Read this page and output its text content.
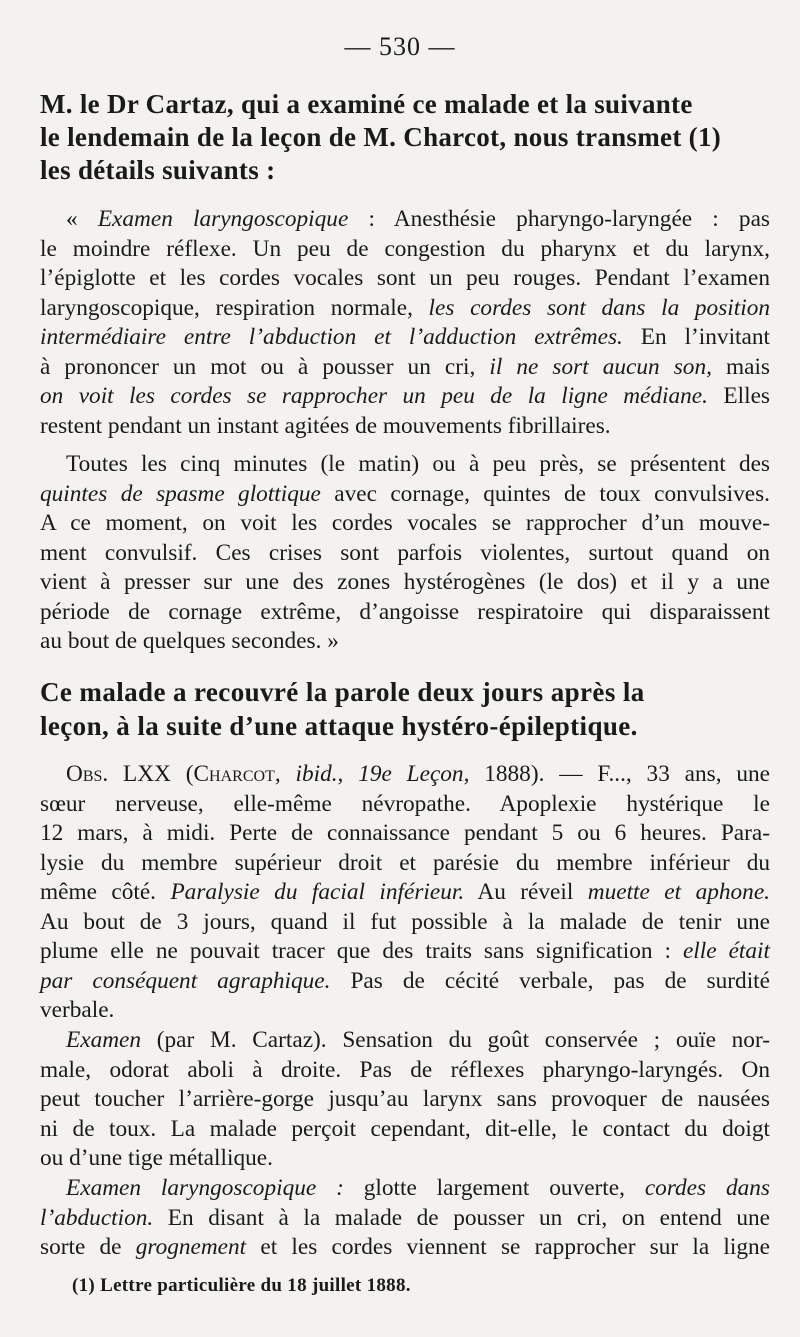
— 530 —
M. le Dr Cartaz, qui a examiné ce malade et la suivante
le lendemain de la leçon de M. Charcot, nous transmet (1)
les détails suivants :
« Examen laryngoscopique : Anesthésie pharyngo-laryngée : pas
le moindre réflexe. Un peu de congestion du pharynx et du larynx,
l’épiglotte et les cordes vocales sont un peu rouges. Pendant l’examen
laryngoscopique, respiration normale, les cordes sont dans la position
intermédiaire entre l’abduction et l’adduction extrêmes. En l’invitant
à prononcer un mot ou à pousser un cri, il ne sort aucun son, mais
on voit les cordes se rapprocher un peu de la ligne médiane. Elles
restent pendant un instant agitées de mouvements fibrillaires.
Toutes les cinq minutes (le matin) ou à peu près, se présentent des
quintes de spasme glottique avec cornage, quintes de toux convulsives.
A ce moment, on voit les cordes vocales se rapprocher d’un mouve-
ment convulsif. Ces crises sont parfois violentes, surtout quand on
vient à presser sur une des zones hystérogènes (le dos) et il y a une
période de cornage extrême, d’angoisse respiratoire qui disparaissent
au bout de quelques secondes. »
Ce malade a recouvré la parole deux jours après la
leçon, à la suite d’une attaque hystéro-épileptique.
Obs. LXX (Charcot, ibid., 19e Leçon, 1888). — F..., 33 ans, une
sœur nerveuse, elle-même névropathe. Apoplexie hystérique le
12 mars, à midi. Perte de connaissance pendant 5 ou 6 heures. Para-
lysie du membre supérieur droit et parésie du membre inférieur du
même côté. Paralysie du facial inférieur. Au réveil muette et aphone.
Au bout de 3 jours, quand il fut possible à la malade de tenir une
plume elle ne pouvait tracer que des traits sans signification : elle était
par conséquent agraphique. Pas de cécité verbale, pas de surdité
verbale.
Examen (par M. Cartaz). Sensation du goût conservée ; ouïe nor-
male, odorat aboli à droite. Pas de réflexes pharyngo-laryngés. On
peut toucher l’arrière-gorge jusqu’au larynx sans provoquer de nausées
ni de toux. La malade perçoit cependant, dit-elle, le contact du doigt
ou d’une tige métallique.
Examen laryngoscopique : glotte largement ouverte, cordes dans
l’abduction. En disant à la malade de pousser un cri, on entend une
sorte de grognement et les cordes viennent se rapprocher sur la ligne
(1) Lettre particulière du 18 juillet 1888.
